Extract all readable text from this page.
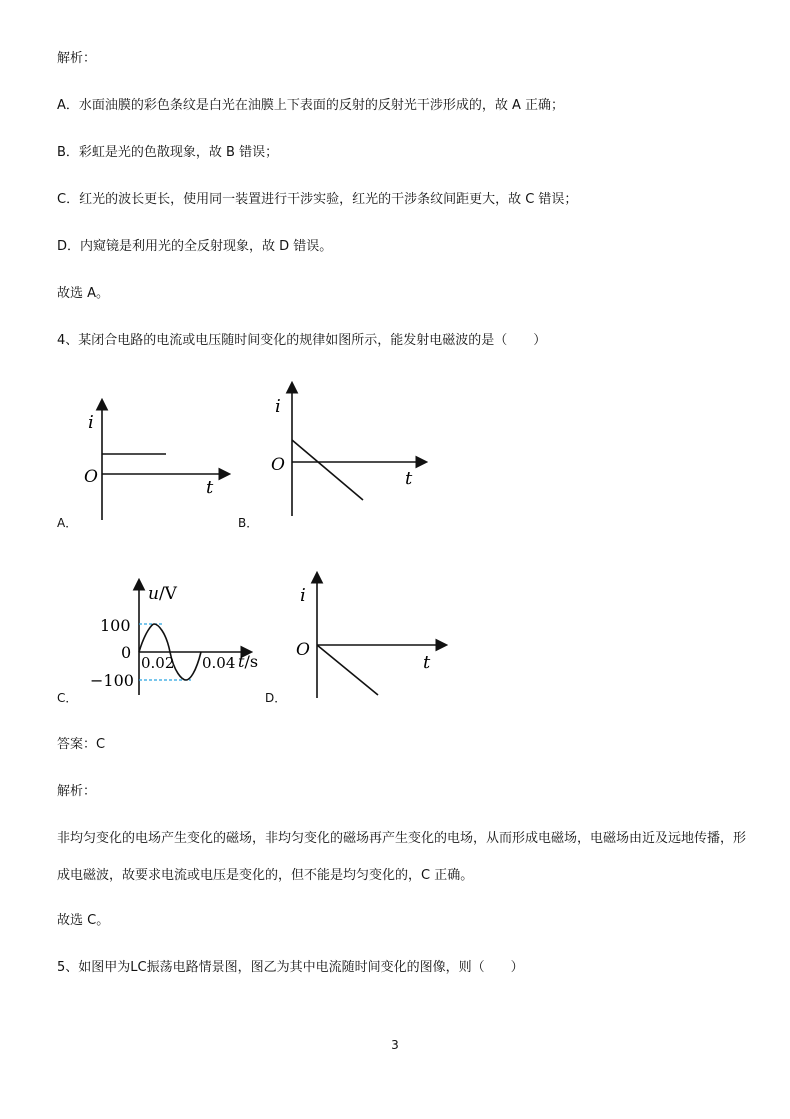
解析：
A．水面油膜的彩色条纹是白光在油膜上下表面的反射的反射光干涉形成的，故 A 正确；
B．彩虹是光的色散现象，故 B 错误；
C．红光的波长更长，使用同一装置进行干涉实验，红光的干涉条纹间距更大，故 C 错误；
D．内窥镜是利用光的全反射现象，故 D 错误。
故选 A。
4、某闭合电路的电流或电压随时间变化的规律如图所示，能发射电磁波的是（　　）
i
O	t
A．
i
O
t
B．
100
0
−100
0.02 0.04
u/V
t/s
C．
i
O
t
D．
答案：C
解析：
非均匀变化的电场产生变化的磁场，非均匀变化的磁场再产生变化的电场，从而形成电磁场，电磁场由近及远地传播，形成电磁波，故要求电流或电压是变化的，但不能是均匀变化的，C 正确。
故选 C。
5、如图甲为LC振荡电路情景图，图乙为其中电流随时间变化的图像，则（　　）
3
